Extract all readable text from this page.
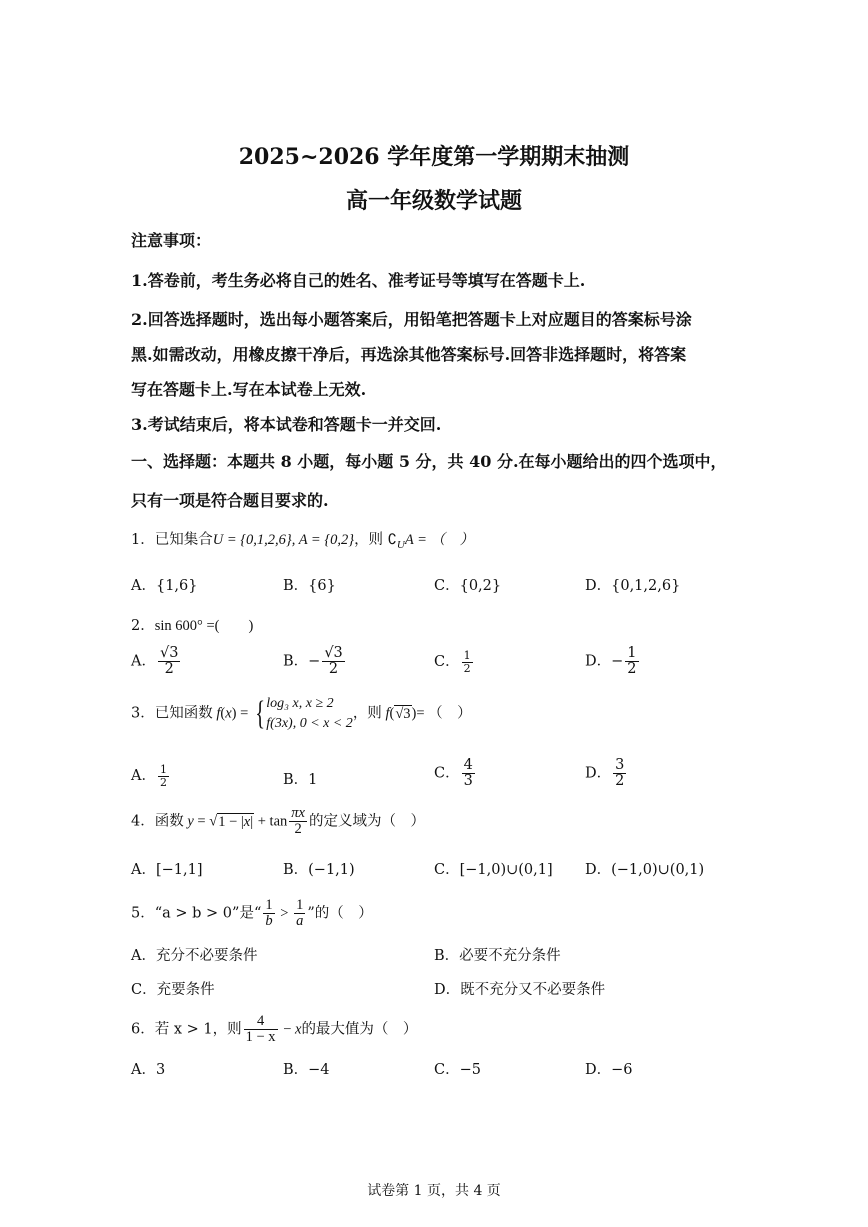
2025~2026 学年度第一学期期末抽测
高一年级数学试题
注意事项：
1.答卷前，考生务必将自己的姓名、准考证号等填写在答题卡上.
2.回答选择题时，选出每小题答案后，用铅笔把答题卡上对应题目的答案标号涂
黑.如需改动，用橡皮擦干净后，再选涂其他答案标号.回答非选择题时，将答案
写在答题卡上.写在本试卷上无效.
3.考试结束后，将本试卷和答题卡一并交回.
一、选择题：本题共 8 小题，每小题 5 分，共 40 分.在每小题给出的四个选项中，
只有一项是符合题目要求的.
1．已知集合U = {0,1,2,6}, A = {0,2}，则 $∁_UA$ = （　）
A．{1,6}	B．{6}	C．{0,2}	D．{0,1,2,6}
2．sin 600° =(　　)
A． $\frac{√3}{2}$	B．− $\frac{√3}{2}$	C． $\frac{1}{2}$	D．− $\frac{1}{2}$
3．已知函数 f(x) = { log₃ x, x ≥ 2
f(3x), 0 < x < 2
，则 f(√3)= （　）
A． $\frac{1}{2}$	B．1	C． $\frac{4}{3}$	D． $\frac{3}{2}$
4．函数 $y = √1 - |x| + \tan \frac{\pi x}{2}$ 的定义域为（　）
A．[−1,1]	B．(−1,1)	C．[−1,0)∪(0,1] D．(−1,0)∪(0,1)
5．“a > b > 0”是“ $\frac{1}{b} > \frac{1}{a}$ ”的（　）
A．充分不必要条件	B．必要不充分条件
C．充要条件	D．既不充分又不必要条件
6．若 x > 1，则 $\frac{4}{1 - x} - x$的最大值为（　）
A．3	B．−4	C．−5	D．−6
试卷第 1 页，共 4 页
